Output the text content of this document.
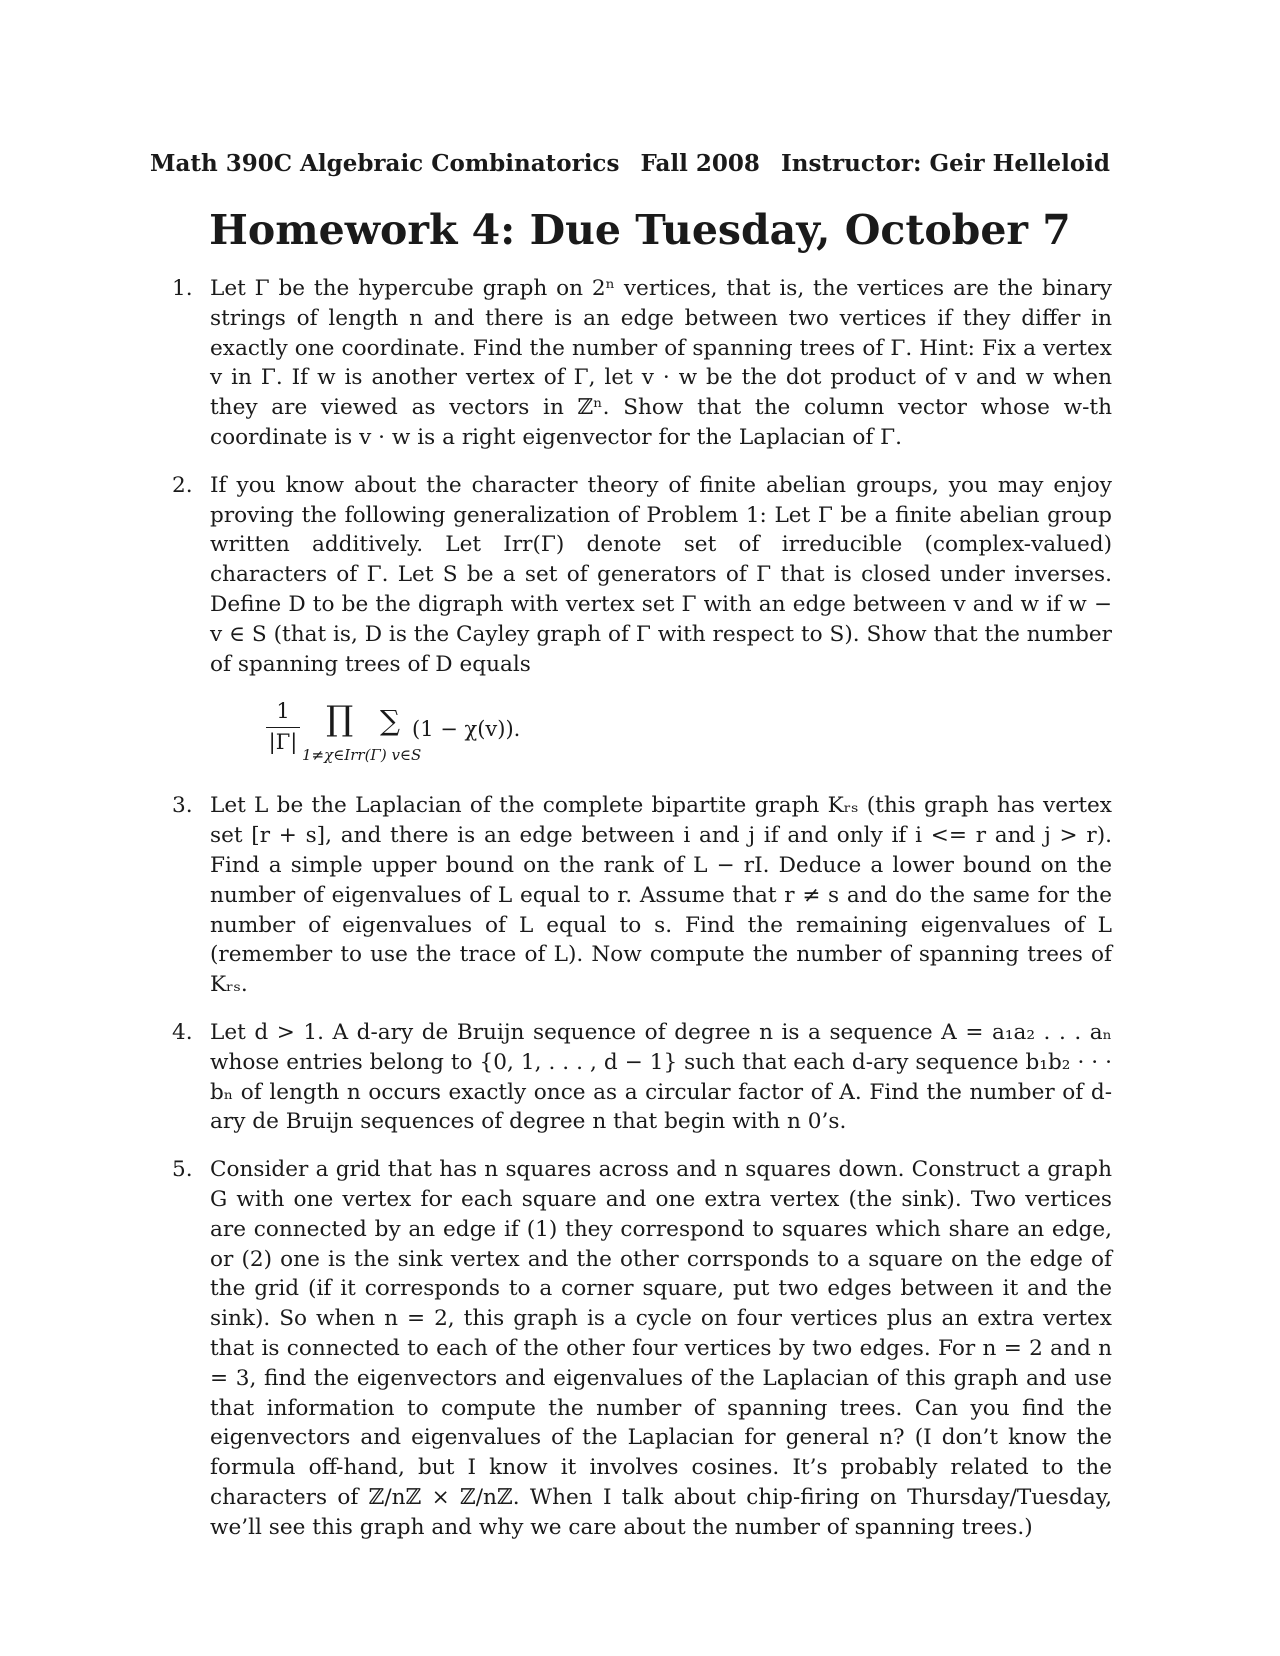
Math 390C Algebraic Combinatorics Fall 2008 Instructor: Geir Helleloid
Homework 4: Due Tuesday, October 7
1. Let Γ be the hypercube graph on 2ⁿ vertices, that is, the vertices are the binary strings of length n and there is an edge between two vertices if they differ in exactly one coordinate. Find the number of spanning trees of Γ. Hint: Fix a vertex v in Γ. If w is another vertex of Γ, let v · w be the dot product of v and w when they are viewed as vectors in ℤⁿ. Show that the column vector whose w-th coordinate is v · w is a right eigenvector for the Laplacian of Γ.
2. If you know about the character theory of finite abelian groups, you may enjoy proving the following generalization of Problem 1: Let Γ be a finite abelian group written additively. Let Irr(Γ) denote set of irreducible (complex-valued) characters of Γ. Let S be a set of generators of Γ that is closed under inverses. Define D to be the digraph with vertex set Γ with an edge between v and w if w − v ∈ S (that is, D is the Cayley graph of Γ with respect to S). Show that the number of spanning trees of D equals
$\frac{1}{|\Gamma|}$ ∏ ∑ (1 − χ(v)).
1≠χ∈Irr(Γ) v∈S
3. Let L be the Laplacian of the complete bipartite graph Kᵣₛ (this graph has vertex set [r + s], and there is an edge between i and j if and only if i <= r and j > r). Find a simple upper bound on the rank of L − rI. Deduce a lower bound on the number of eigenvalues of L equal to r. Assume that r ≠ s and do the same for the number of eigenvalues of L equal to s. Find the remaining eigenvalues of L (remember to use the trace of L). Now compute the number of spanning trees of Kᵣₛ.
4. Let d > 1. A d-ary de Bruijn sequence of degree n is a sequence A = a₁a₂ . . . aₙ whose entries belong to {0, 1, . . . , d − 1} such that each d-ary sequence b₁b₂ · · · bₙ of length n occurs exactly once as a circular factor of A. Find the number of d-ary de Bruijn sequences of degree n that begin with n 0’s.
5. Consider a grid that has n squares across and n squares down. Construct a graph G with one vertex for each square and one extra vertex (the sink). Two vertices are connected by an edge if (1) they correspond to squares which share an edge, or (2) one is the sink vertex and the other corrsponds to a square on the edge of the grid (if it corresponds to a corner square, put two edges between it and the sink). So when n = 2, this graph is a cycle on four vertices plus an extra vertex that is connected to each of the other four vertices by two edges. For n = 2 and n = 3, find the eigenvectors and eigenvalues of the Laplacian of this graph and use that information to compute the number of spanning trees. Can you find the eigenvectors and eigenvalues of the Laplacian for general n? (I don’t know the formula off-hand, but I know it involves cosines. It’s probably related to the characters of ℤ/nℤ × ℤ/nℤ. When I talk about chip-firing on Thursday/Tuesday, we’ll see this graph and why we care about the number of spanning trees.)
